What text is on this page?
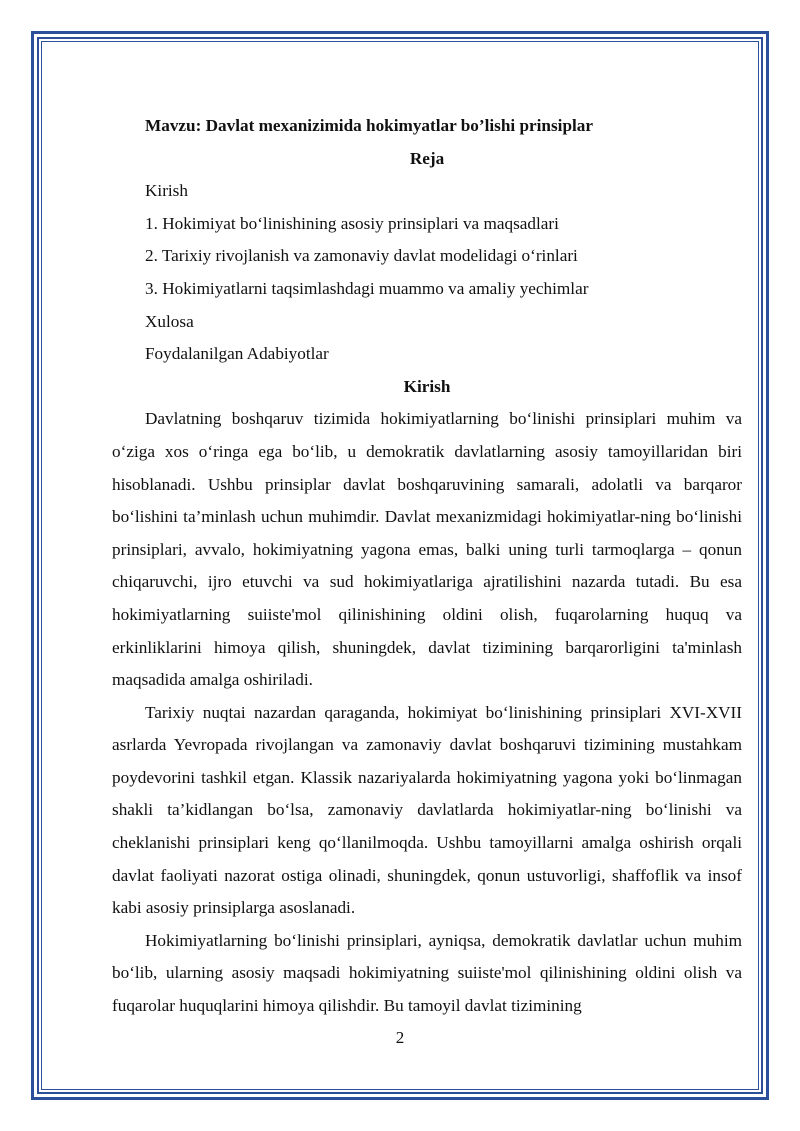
Mavzu: Davlat mexanizimida hokimyatlar bo’lishi prinsiplar

Reja

Kirish

1. Hokimiyat bo‘linishining asosiy prinsiplari va maqsadlari

2. Tarixiy rivojlanish va zamonaviy davlat modelidagi o‘rinlari

3. Hokimiyatlarni taqsimlashdagi muammo va amaliy yechimlar

Xulosa

Foydalanilgan Adabiyotlar

Kirish

Davlatning boshqaruv tizimida hokimiyatlarning bo‘linishi prinsiplari muhim va o‘ziga xos o‘ringa ega bo‘lib, u demokratik davlatlarning asosiy tamoyillaridan biri hisoblanadi. Ushbu prinsiplar davlat boshqaruvining samarali, adolatli va barqaror bo‘lishini ta’minlash uchun muhimdir. Davlat mexanizmidagi hokimiyatlar-ning bo‘linishi prinsiplari, avvalo, hokimiyatning yagona emas, balki uning turli tarmoqlarga – qonun chiqaruvchi, ijro etuvchi va sud hokimiyatlariga ajratilishini nazarda tutadi. Bu esa hokimiyatlarning suiiste'mol qilinishining oldini olish, fuqarolarning huquq va erkinliklarini himoya qilish, shuningdek, davlat tizimining barqarorligini ta'minlash maqsadida amalga oshiriladi.

Tarixiy nuqtai nazardan qaraganda, hokimiyat bo‘linishining prinsiplari XVI-XVII asrlarda Yevropada rivojlangan va zamonaviy davlat boshqaruvi tizimining mustahkam poydevorini tashkil etgan. Klassik nazariyalarda hokimiyatning yagona yoki bo‘linmagan shakli ta’kidlangan bo‘lsa, zamonaviy davlatlarda hokimiyatlar-ning bo‘linishi va cheklanishi prinsiplari keng qo‘llanilmoqda. Ushbu tamoyillarni amalga oshirish orqali davlat faoliyati nazorat ostiga olinadi, shuningdek, qonun ustuvorligi, shaffoflik va insof kabi asosiy prinsiplarga asoslanadi.

Hokimiyatlarning bo‘linishi prinsiplari, ayniqsa, demokratik davlatlar uchun muhim bo‘lib, ularning asosiy maqsadi hokimiyatning suiiste'mol qilinishining oldini olish va fuqarolar huquqlarini himoya qilishdir. Bu tamoyil davlat tizimining

2
